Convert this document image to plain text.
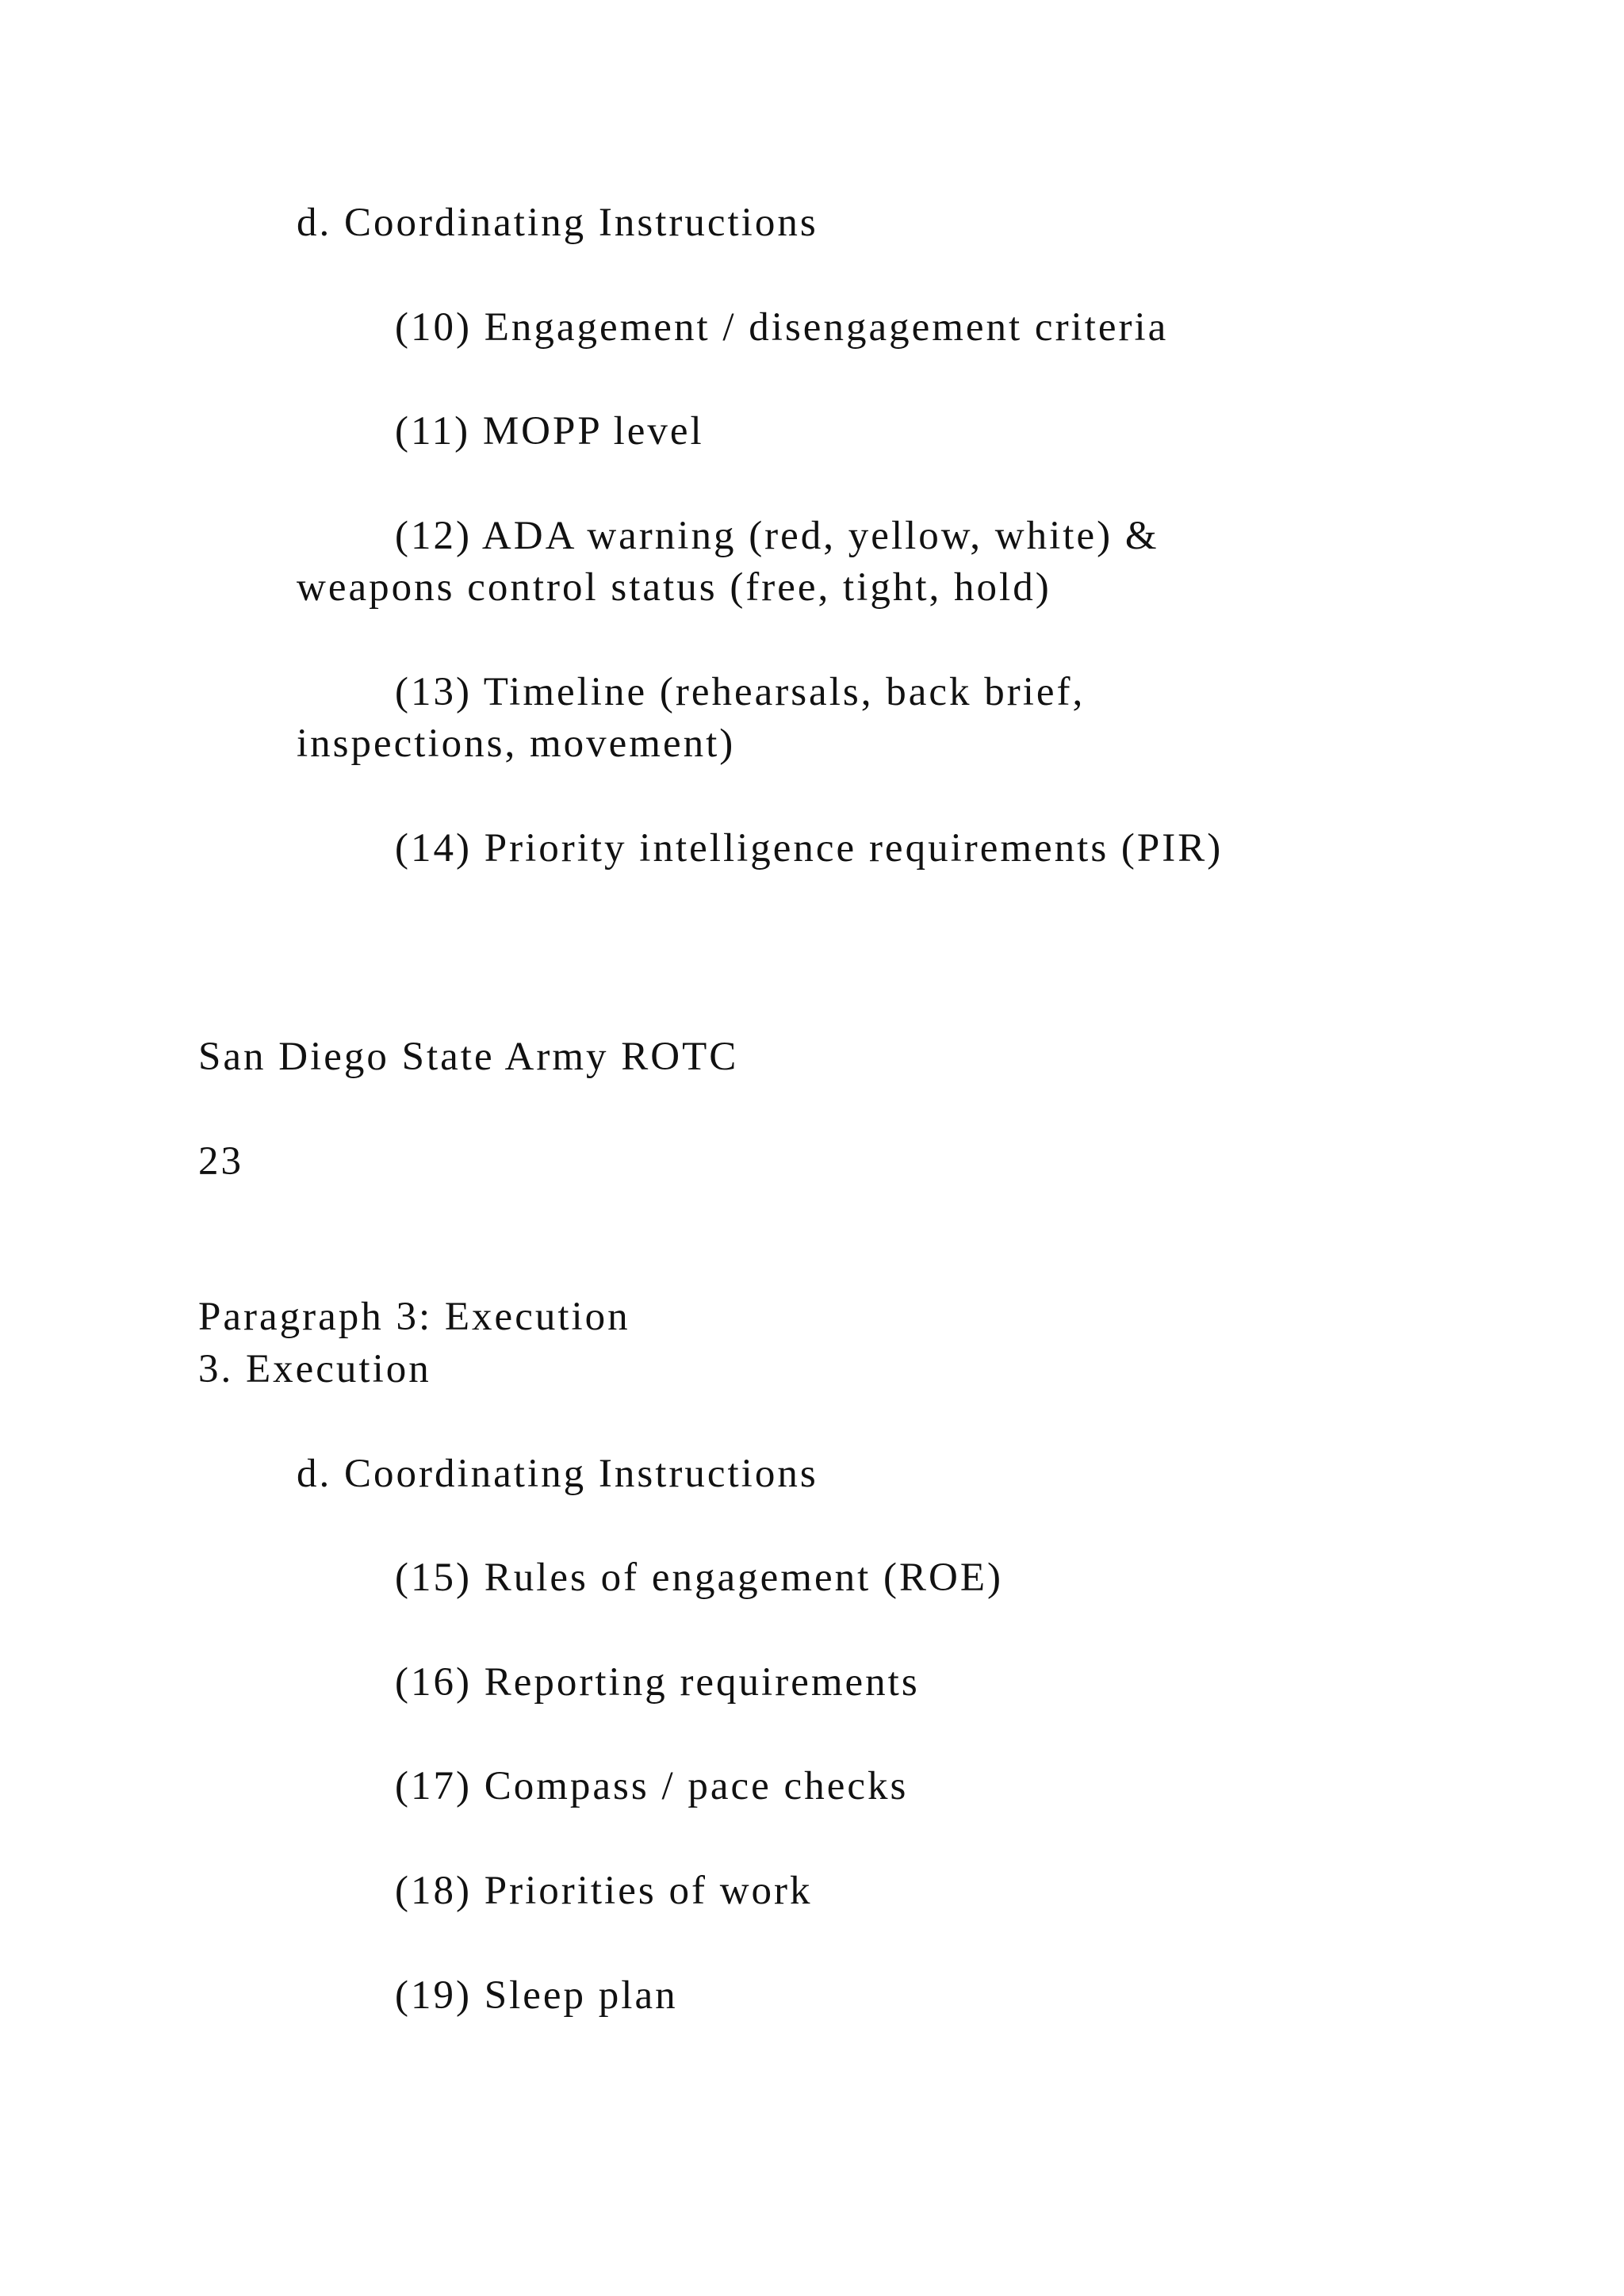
d. Coordinating Instructions

(10) Engagement / disengagement criteria

(11) MOPP level

(12) ADA warning (red, yellow, white) &

weapons control status (free, tight, hold)

(13) Timeline (rehearsals, back brief,

inspections, movement)

(14) Priority intelligence requirements (PIR)

San Diego State Army ROTC

23

Paragraph 3: Execution

3. Execution

d. Coordinating Instructions

(15) Rules of engagement (ROE)

(16) Reporting requirements

(17) Compass / pace checks

(18) Priorities of work

(19) Sleep plan
